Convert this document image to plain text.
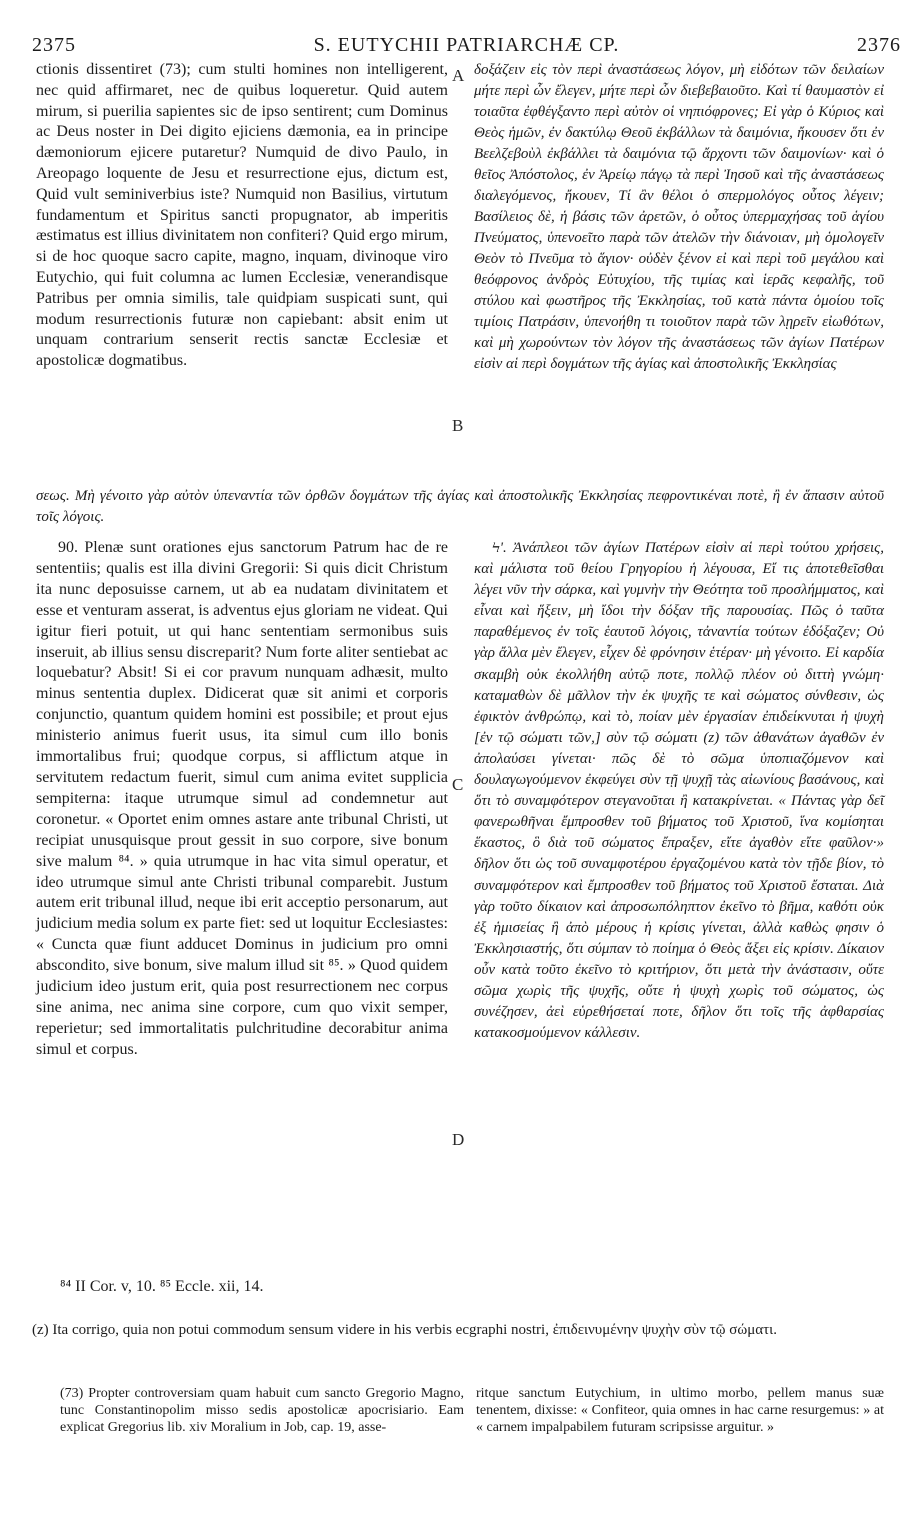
2375	S. EUTYCHII PATRIARCHÆ CP.	2376

ctionis dissentiret (73); cum stulti homines non intelligerent, nec quid affirmaret, nec de quibus loqueretur. Quid autem mirum, si puerilia sapientes sic de ipso sentirent; cum Dominus ac Deus noster in Dei digito ejiciens dæmonia, ea in principe dæmoniorum ejicere putaretur? Numquid de divo Paulo, in Areopago loquente de Jesu et resurrectione ejus, dictum est, Quid vult seminiverbius iste? Numquid non Basilius, virtutum fundamentum et Spiritus sancti propugnator, ab imperitis æstimatus est illius divinitatem non confiteri? Quid ergo mirum, si de hoc quoque sacro capite, magno, inquam, divinoque viro Eutychio, qui fuit columna ac lumen Ecclesiæ, venerandisque Patribus per omnia similis, tale quidpiam suspicati sunt, qui modum resurrectionis futuræ non capiebant: absit enim ut unquam contrarium senserit rectis sanctæ Ecclesiæ et apostolicæ dogmatibus.

δοξάζειν εἰς τὸν περὶ ἀναστάσεως λόγον, μὴ εἰδότων τῶν δειλαίων μήτε περὶ ὧν ἔλεγεν, μήτε περὶ ὧν διεβεβαιοῦτο. Καὶ τί θαυμαστὸν εἰ τοιαῦτα ἐφθέγξαντο περὶ αὐτὸν οἱ νηπιόφρονες; Εἰ γὰρ ὁ Κύριος καὶ Θεὸς ἡμῶν, ἐν δακτύλῳ Θεοῦ ἐκβάλλων τὰ δαιμόνια, ἤκουσεν ὅτι ἐν Βεελζεβοὺλ ἐκβάλλει τὰ δαιμόνια τῷ ἄρχοντι τῶν δαιμονίων· καὶ ὁ θεῖος Ἀπόστολος, ἐν Ἀρείῳ πάγῳ τὰ περὶ Ἰησοῦ καὶ τῆς ἀναστάσεως διαλεγόμενος, ἤκουεν, Τί ἂν θέλοι ὁ σπερμολόγος οὗτος λέγειν; Βασίλειος δὲ, ἡ βάσις τῶν ἀρετῶν, ὁ οὗτος ὑπερμαχήσας τοῦ ἁγίου Πνεύματος, ὑπενοεῖτο παρὰ τῶν ἀτελῶν τὴν διάνοιαν, μὴ ὁμολογεῖν Θεὸν τὸ Πνεῦμα τὸ ἅγιον· οὐδὲν ξένον εἰ καὶ περὶ τοῦ μεγάλου καὶ θεόφρονος ἀνδρὸς Εὐτυχίου, τῆς τιμίας καὶ ἱερᾶς κεφαλῆς, τοῦ στύλου καὶ φωστῆρος τῆς Ἐκκλησίας, τοῦ κατὰ πάντα ὁμοίου τοῖς τιμίοις Πατράσιν, ὑπενοήθη τι τοιοῦτον παρὰ τῶν λῃρεῖν εἰωθότων, καὶ μὴ χωρούντων τὸν λόγον τῆς ἀναστάσεως τῶν ἀγίων Πατέρων εἰσὶν αἱ περὶ δογμάτων τῆς ἁγίας καὶ ἀποστολικῆς Ἐκκλησίας

σεως. Μὴ γένοιτο γὰρ αὐτὸν ὑπεναντία τῶν ὀρθῶν δογμάτων τῆς ἁγίας καὶ ἀποστολικῆς Ἐκκλησίας πεφροντικέναι ποτὲ, ἢ ἐν ἅπασιν αὐτοῦ τοῖς λόγοις.

A
B
C
D

90. Plenæ sunt orationes ejus sanctorum Patrum hac de re sententiis; qualis est illa divini Gregorii: Si quis dicit Christum ita nunc deposuisse carnem, ut ab ea nudatam divinitatem et esse et venturam asserat, is adventus ejus gloriam ne videat. Qui igitur fieri potuit, ut qui hanc sententiam sermonibus suis inseruit, ab illius sensu discreparit? Num forte aliter sentiebat ac loquebatur? Absit! Si ei cor pravum nunquam adhæsit, multo minus sententia duplex. Didicerat quæ sit animi et corporis conjunctio, quantum quidem homini est possibile; et prout ejus ministerio animus fuerit usus, ita simul cum illo bonis immortalibus frui; quodque corpus, si afflictum atque in servitutem redactum fuerit, simul cum anima evitet supplicia sempiterna: itaque utrumque simul ad condemnetur aut coronetur. « Oportet enim omnes astare ante tribunal Christi, ut recipiat unusquisque prout gessit in suo corpore, sive bonum sive malum ⁸⁴. » quia utrumque in hac vita simul operatur, et ideo utrumque simul ante Christi tribunal comparebit. Justum autem erit tribunal illud, neque ibi erit acceptio personarum, aut judicium media solum ex parte fiet: sed ut loquitur Ecclesiastes: « Cuncta quæ fiunt adducet Dominus in judicium pro omni abscondito, sive bonum, sive malum illud sit ⁸⁵. » Quod quidem judicium ideo justum erit, quia post resurrectionem nec corpus sine anima, nec anima sine corpore, cum quo vixit semper, reperietur; sed immortalitatis pulchritudine decorabitur anima simul et corpus.

Ϟʹ. Ἀνάπλεοι τῶν ἁγίων Πατέρων εἰσὶν αἱ περὶ τούτου χρήσεις, καὶ μάλιστα τοῦ θείου Γρηγορίου ἡ λέγουσα, Εἴ τις ἀποτεθεῖσθαι λέγει νῦν τὴν σάρκα, καὶ γυμνὴν τὴν Θεότητα τοῦ προσλήμματος, καὶ εἶναι καὶ ἥξειν, μὴ ἴδοι τὴν δόξαν τῆς παρουσίας. Πῶς ὁ ταῦτα παραθέμενος ἐν τοῖς ἑαυτοῦ λόγοις, τἀναντία τούτων ἐδόξαζεν; Οὐ γὰρ ἄλλα μὲν ἔλεγεν, εἶχεν δὲ φρόνησιν ἑτέραν· μὴ γένοιτο. Εἰ καρδία σκαμβὴ οὐκ ἐκολλήθη αὐτῷ ποτε, πολλῷ πλέον οὐ διττὴ γνώμη· καταμαθὼν δὲ μᾶλλον τὴν ἐκ ψυχῆς τε καὶ σώματος σύνθεσιν, ὡς ἐφικτὸν ἀνθρώπῳ, καὶ τὸ, ποίαν μὲν ἐργασίαν ἐπιδείκνυται ἡ ψυχὴ [ἐν τῷ σώματι τῶν,] σὺν τῷ σώματι (z) τῶν ἀθανάτων ἀγαθῶν ἐν ἀπολαύσει γίνεται· πῶς δὲ τὸ σῶμα ὑποπιαζόμενον καὶ δουλαγωγούμενον ἐκφεύγει σὺν τῇ ψυχῇ τὰς αἰωνίους βασάνους, καὶ ὅτι τὸ συναμφότερον στεγανοῦται ἢ κατακρίνεται. « Πάντας γὰρ δεῖ φανερωθῆναι ἔμπροσθεν τοῦ βήματος τοῦ Χριστοῦ, ἵνα κομίσηται ἕκαστος, ὃ διὰ τοῦ σώματος ἔπραξεν, εἴτε ἀγαθὸν εἴτε φαῦλον·» δῆλον ὅτι ὡς τοῦ συναμφοτέρου ἐργαζομένου κατὰ τὸν τῇδε βίον, τὸ συναμφότερον καὶ ἔμπροσθεν τοῦ βήματος τοῦ Χριστοῦ ἔσταται. Διὰ γὰρ τοῦτο δίκαιον καὶ ἀπροσωπόληπτον ἐκεῖνο τὸ βῆμα, καθότι οὐκ ἐξ ἡμισείας ἢ ἀπὸ μέρους ἡ κρίσις γίνεται, ἀλλὰ καθὼς φησιν ὁ Ἐκκλησιαστής, ὅτι σύμπαν τὸ ποίημα ὁ Θεὸς ἄξει εἰς κρίσιν. Δίκαιον οὖν κατὰ τοῦτο ἐκεῖνο τὸ κριτήριον, ὅτι μετὰ τὴν ἀνάστασιν, οὔτε σῶμα χωρὶς τῆς ψυχῆς, οὔτε ἡ ψυχὴ χωρὶς τοῦ σώματος, ὡς συνέζησεν, ἀεὶ εὑρεθήσεταί ποτε, δῆλον ὅτι τοῖς τῆς ἀφθαρσίας κατακοσμούμενον κάλλεσιν.

⁸⁴ II Cor. v, 10. ⁸⁵ Eccle. xii, 14.

(z) Ita corrigo, quia non potui commodum sensum videre in his verbis ecgraphi nostri, ἐπιδεινυμένην ψυχὴν σὺν τῷ σώματι.

(73) Propter controversiam quam habuit cum sancto Gregorio Magno, tunc Constantinopolim misso sedis apostolicæ apocrisiario. Eam explicat Gregorius lib. xiv Moralium in Job, cap. 19, asse-

ritque sanctum Eutychium, in ultimo morbo, pellem manus suæ tenentem, dixisse: « Confiteor, quia omnes in hac carne resurgemus: » at « carnem impalpabilem futuram scripsisse arguitur. »
